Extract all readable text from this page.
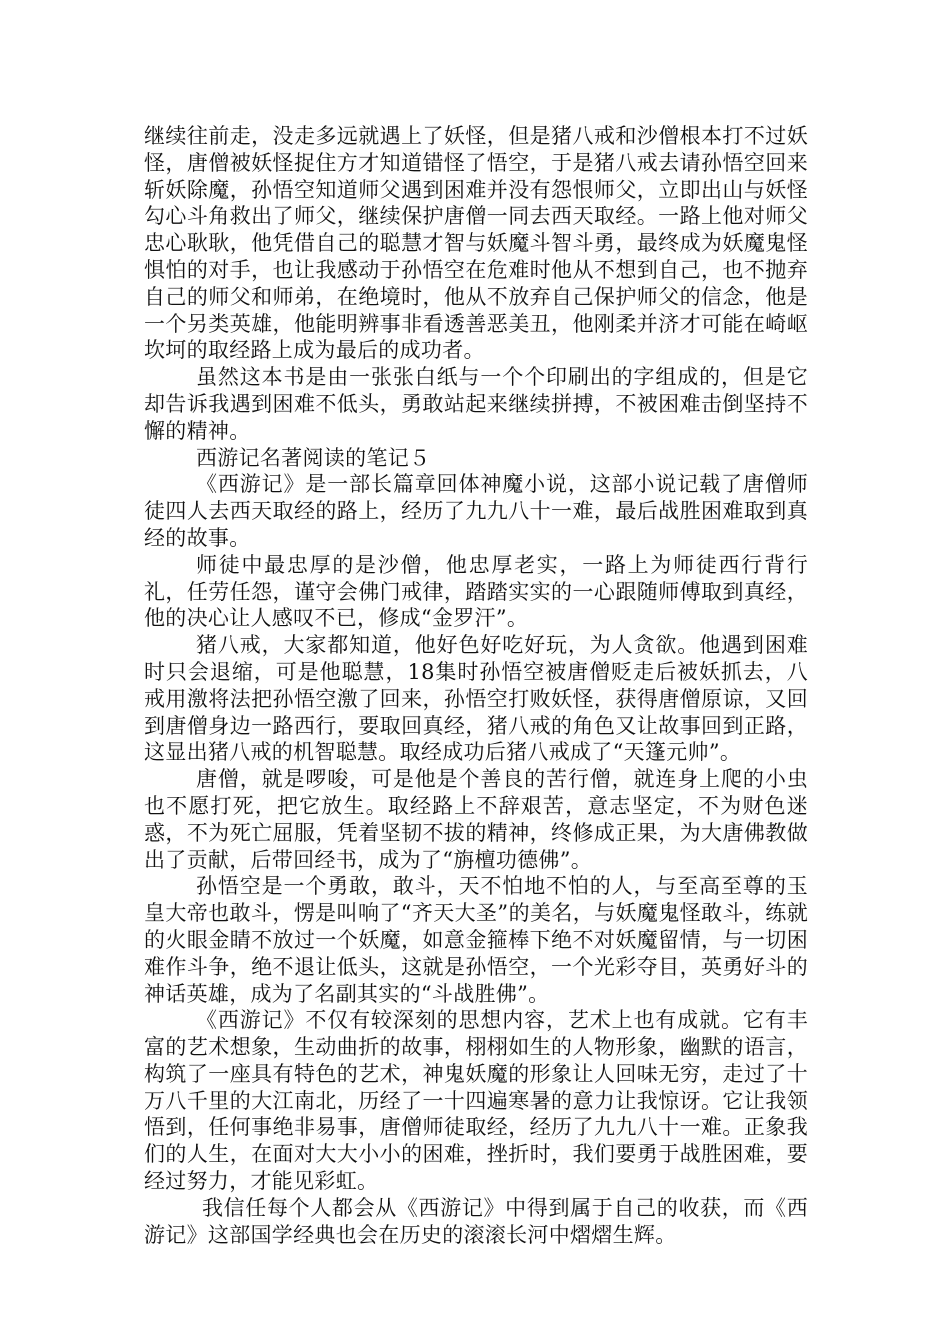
继续往前走，没走多远就遇上了妖怪，但是猪八戒和沙僧根本打不过妖怪，唐僧被妖怪捉住方才知道错怪了悟空，于是猪八戒去请孙悟空回来斩妖除魔，孙悟空知道师父遇到困难并没有怨恨师父，立即出山与妖怪勾心斗角救出了师父，继续保护唐僧一同去西天取经。一路上他对师父忠心耿耿，他凭借自己的聪慧才智与妖魔斗智斗勇，最终成为妖魔鬼怪惧怕的对手，也让我感动于孙悟空在危难时他从不想到自己，也不抛弃自己的师父和师弟，在绝境时，他从不放弃自己保护师父的信念，他是一个另类英雄，他能明辨事非看透善恶美丑，他刚柔并济才可能在崎岖坎坷的取经路上成为最后的成功者。

虽然这本书是由一张张白纸与一个个印刷出的字组成的，但是它却告诉我遇到困难不低头，勇敢站起来继续拼搏，不被困难击倒坚持不懈的精神。

西游记名著阅读的笔记５

《西游记》是一部长篇章回体神魔小说，这部小说记载了唐僧师徒四人去西天取经的路上，经历了九九八十一难，最后战胜困难取到真经的故事。

师徒中最忠厚的是沙僧，他忠厚老实，一路上为师徒西行背行礼，任劳任怨，谨守会佛门戒律，踏踏实实的一心跟随师傅取到真经，他的决心让人感叹不已，修成“金罗汗”。

猪八戒，大家都知道，他好色好吃好玩，为人贪欲。他遇到困难时只会退缩，可是他聪慧，18集时孙悟空被唐僧贬走后被妖抓去，八戒用激将法把孙悟空激了回来，孙悟空打败妖怪，获得唐僧原谅，又回到唐僧身边一路西行，要取回真经，猪八戒的角色又让故事回到正路，这显出猪八戒的机智聪慧。取经成功后猪八戒成了“天篷元帅”。

唐僧，就是啰唆，可是他是个善良的苦行僧，就连身上爬的小虫也不愿打死，把它放生。取经路上不辞艰苦，意志坚定，不为财色迷惑，不为死亡屈服，凭着坚韧不拔的精神，终修成正果，为大唐佛教做出了贡献，后带回经书，成为了“旃檀功德佛”。

孙悟空是一个勇敢，敢斗，天不怕地不怕的人，与至高至尊的玉皇大帝也敢斗，愣是叫响了“齐天大圣”的美名，与妖魔鬼怪敢斗，练就的火眼金睛不放过一个妖魔，如意金箍棒下绝不对妖魔留情，与一切困难作斗争，绝不退让低头，这就是孙悟空，一个光彩夺目，英勇好斗的神话英雄，成为了名副其实的“斗战胜佛”。

《西游记》不仅有较深刻的思想内容，艺术上也有成就。它有丰富的艺术想象，生动曲折的故事，栩栩如生的人物形象，幽默的语言，构筑了一座具有特色的艺术，神鬼妖魔的形象让人回味无穷，走过了十万八千里的大江南北，历经了一十四遍寒暑的意力让我惊讶。它让我领悟到，任何事绝非易事，唐僧师徒取经，经历了九九八十一难。正象我们的人生，在面对大大小小的困难，挫折时，我们要勇于战胜困难，要经过努力，才能见彩虹。

我信任每个人都会从《西游记》中得到属于自己的收获，而《西游记》这部国学经典也会在历史的滚滚长河中熠熠生辉。
